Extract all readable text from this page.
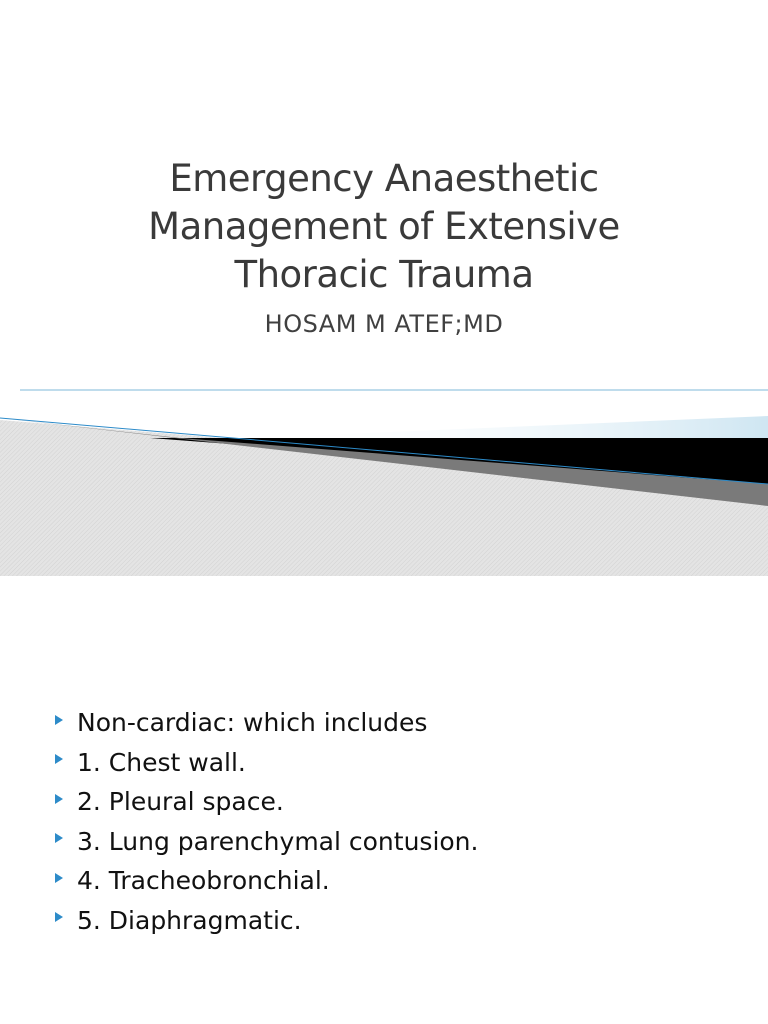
Emergency Anaesthetic
Management of Extensive
Thoracic Trauma
HOSAM M ATEF;MD
Non-cardiac: which includes
1. Chest wall.
2. Pleural space.
3. Lung parenchymal contusion.
4. Tracheobronchial.
5. Diaphragmatic.
